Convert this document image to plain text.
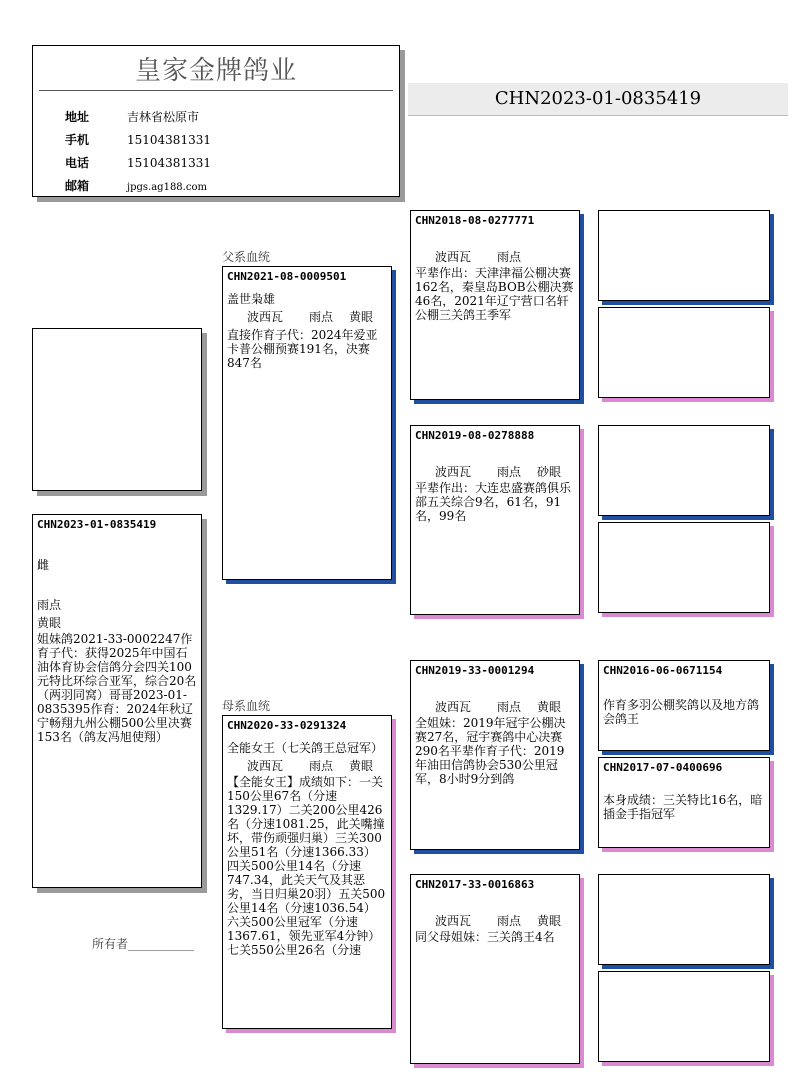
皇家金牌鸽业
地址	吉林省松原市
手机	15104381331
电话	15104381331
邮箱	jpgs.ag188.com
CHN2023-01-0835419
CHN2023-01-0835419
雌
雨点
黄眼
姐妹鸽2021-33-0002247作育子代：获得2025年中国石油体育协会信鸽分会四关100元特比环综合亚军，综合20名（两羽同窝）哥哥2023-01-0835395作育：2024年秋辽宁畅翔九州公棚500公里决赛153名（鸽友冯旭使翔）
所有者___________
父系血统
CHN2021-08-0009501
盖世枭雄
波西瓦 雨点 黄眼
直接作育子代：2024年爱亚卡普公棚预赛191名，决赛847名
母系血统
CHN2020-33-0291324
全能女王（七关鸽王总冠军）
波西瓦 雨点 黄眼
【全能女王】成绩如下：一关150公里67名（分速1329.17）二关200公里426名（分速1081.25，此关嘴撞坏，带伤顽强归巢）三关300公里51名（分速1366.33）四关500公里14名（分速747.34，此关天气及其恶劣，当日归巢20羽）五关500公里14名（分速1036.54）六关500公里冠军（分速1367.61，领先亚军4分钟）七关550公里26名（分速
CHN2018-08-0277771
波西瓦 雨点
平辈作出：天津津福公棚决赛162名，秦皇岛BOB公棚决赛46名，2021年辽宁营口名轩公棚三关鸽王季军
CHN2019-08-0278888
波西瓦 雨点 砂眼
平辈作出：大连忠盛赛鸽俱乐部五关综合9名，61名，91名，99名
CHN2019-33-0001294
波西瓦 雨点 黄眼
全姐妹：2019年冠宇公棚决赛27名，冠宇赛鸽中心决赛290名平辈作育子代：2019年油田信鸽协会530公里冠军，8小时9分到鸽
CHN2017-33-0016863
波西瓦 雨点 黄眼
同父母姐妹：三关鸽王4名
CHN2016-06-0671154
作育多羽公棚奖鸽以及地方鸽会鸽王
CHN2017-07-0400696
本身成绩：三关特比16名，暗插金手指冠军
